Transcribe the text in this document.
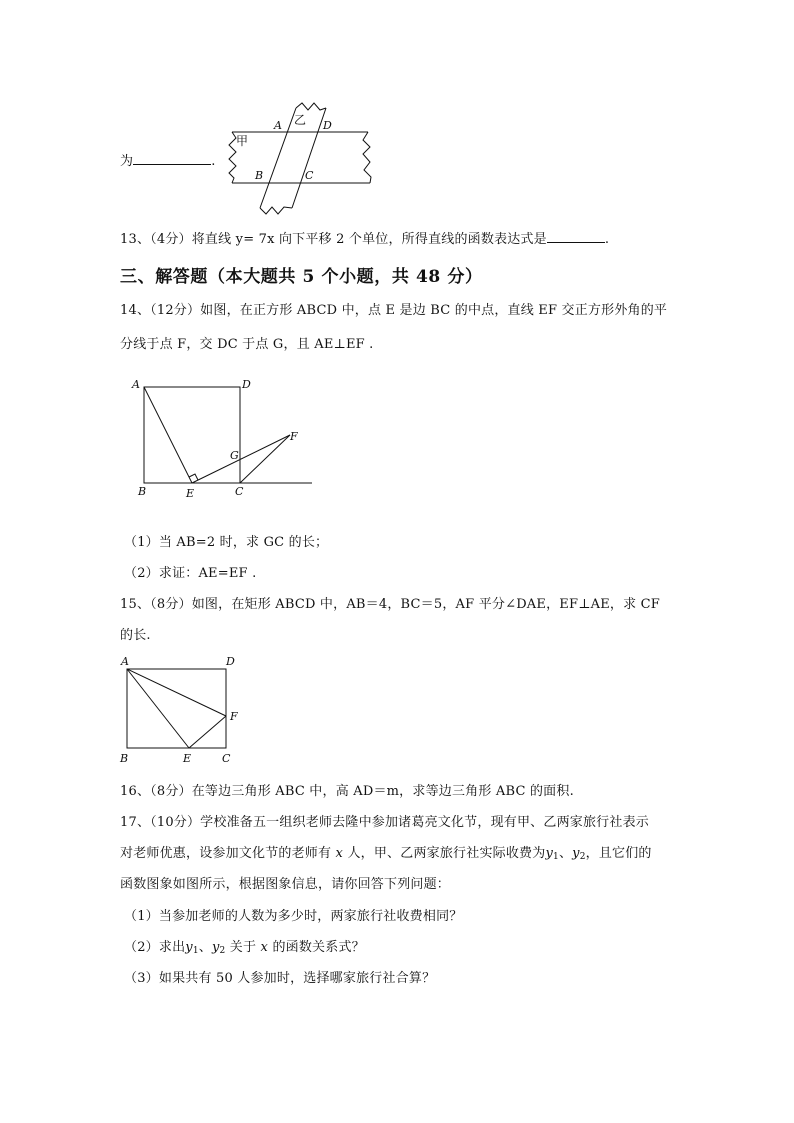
为	.
甲
乙
A	D
B	C
13、（4分）将直线 y= 7x 向下平移 2 个单位，所得直线的函数表达式是	.
三、解答题（本大题共 5 个小题，共 48 分）
14、（12分）如图，在正方形 ABCD 中，点 E 是边 BC 的中点，直线 EF 交正方形外角的平
分线于点 F，交 DC 于点 G，且 AE⊥EF .
A	D
B	E	C
G
F
（1）当 AB=2 时，求 GC 的长；
（2）求证：AE=EF .
15、（8分）如图，在矩形 ABCD 中，AB＝4，BC＝5，AF 平分∠DAE，EF⊥AE，求 CF
的长.
A	D
B	E	C
F
16、（8分）在等边三角形 ABC 中，高 AD＝m，求等边三角形 ABC 的面积.
17、（10分）学校准备五一组织老师去隆中参加诸葛亮文化节，现有甲、乙两家旅行社表示
对老师优惠，设参加文化节的老师有 x 人，甲、乙两家旅行社实际收费为$y_1$、$y_2$，且它们的
函数图象如图所示，根据图象信息，请你回答下列问题：
（1）当参加老师的人数为多少时，两家旅行社收费相同？
（2）求出$y_1$、$y_2$ 关于 x 的函数关系式？
（3）如果共有 50 人参加时，选择哪家旅行社合算？
